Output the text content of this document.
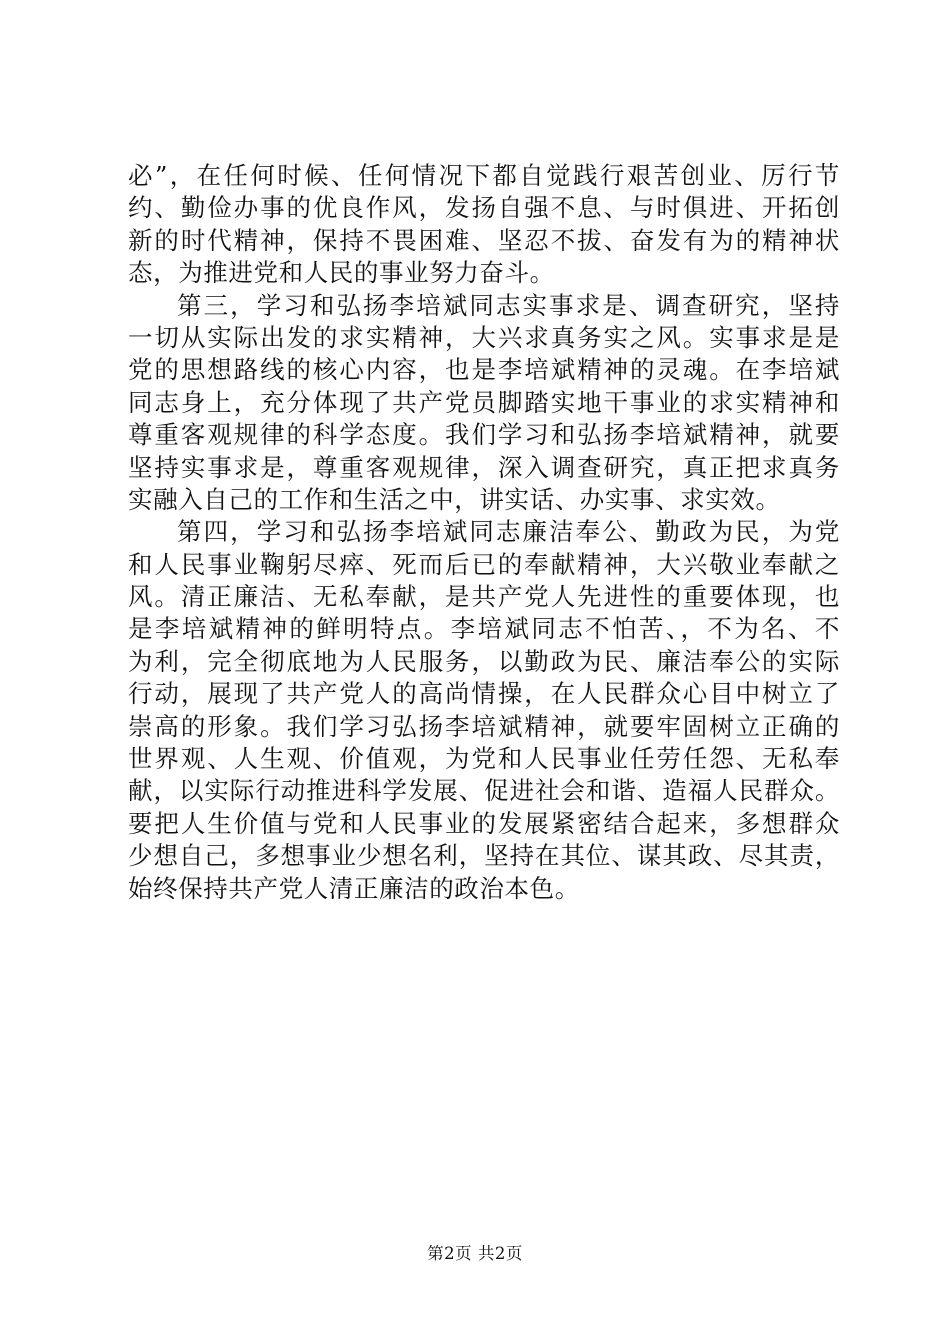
必”，在任何时候、任何情况下都自觉践行艰苦创业、厉行节
约、勤俭办事的优良作风，发扬自强不息、与时俱进、开拓创
新的时代精神，保持不畏困难、坚忍不拔、奋发有为的精神状
态，为推进党和人民的事业努力奋斗。
第三，学习和弘扬李培斌同志实事求是、调查研究，坚持
一切从实际出发的求实精神，大兴求真务实之风。实事求是是
党的思想路线的核心内容，也是李培斌精神的灵魂。在李培斌
同志身上，充分体现了共产党员脚踏实地干事业的求实精神和
尊重客观规律的科学态度。我们学习和弘扬李培斌精神，就要
坚持实事求是，尊重客观规律，深入调查研究，真正把求真务
实融入自己的工作和生活之中，讲实话、办实事、求实效。
第四，学习和弘扬李培斌同志廉洁奉公、勤政为民，为党
和人民事业鞠躬尽瘁、死而后已的奉献精神，大兴敬业奉献之
风。清正廉洁、无私奉献，是共产党人先进性的重要体现，也
是李培斌精神的鲜明特点。李培斌同志不怕苦、，不为名、不
为利，完全彻底地为人民服务，以勤政为民、廉洁奉公的实际
行动，展现了共产党人的高尚情操，在人民群众心目中树立了
崇高的形象。我们学习弘扬李培斌精神，就要牢固树立正确的
世界观、人生观、价值观，为党和人民事业任劳任怨、无私奉
献，以实际行动推进科学发展、促进社会和谐、造福人民群众。
要把人生价值与党和人民事业的发展紧密结合起来，多想群众
少想自己，多想事业少想名利，坚持在其位、谋其政、尽其责，
始终保持共产党人清正廉洁的政治本色。
第2页 共2页
